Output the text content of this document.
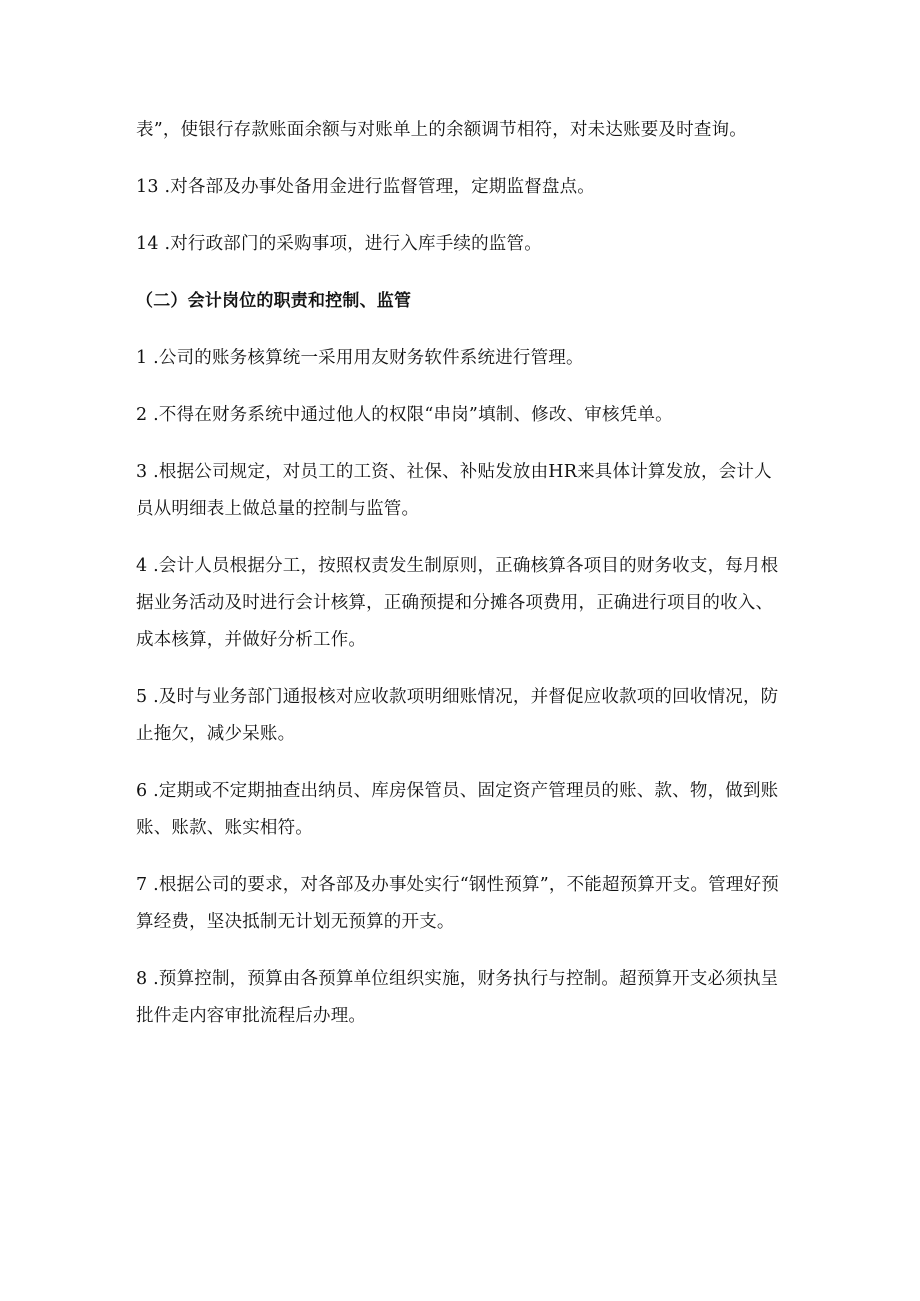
表”，使银行存款账面余额与对账单上的余额调节相符，对未达账要及时查询。

13 .对各部及办事处备用金进行监督管理，定期监督盘点。

14 .对行政部门的采购事项，进行入库手续的监管。

（二）会计岗位的职责和控制、监管

1 .公司的账务核算统一采用用友财务软件系统进行管理。

2 .不得在财务系统中通过他人的权限“串岗”填制、修改、审核凭单。

3 .根据公司规定，对员工的工资、社保、补贴发放由HR来具体计算发放，会计人员从明细表上做总量的控制与监管。

4 .会计人员根据分工，按照权责发生制原则，正确核算各项目的财务收支，每月根据业务活动及时进行会计核算，正确预提和分摊各项费用，正确进行项目的收入、成本核算，并做好分析工作。

5 .及时与业务部门通报核对应收款项明细账情况，并督促应收款项的回收情况，防止拖欠，减少呆账。

6 .定期或不定期抽查出纳员、库房保管员、固定资产管理员的账、款、物，做到账账、账款、账实相符。

7 .根据公司的要求，对各部及办事处实行“钢性预算”，不能超预算开支。管理好预算经费，坚决抵制无计划无预算的开支。

8 .预算控制，预算由各预算单位组织实施，财务执行与控制。超预算开支必须执呈批件走内容审批流程后办理。
